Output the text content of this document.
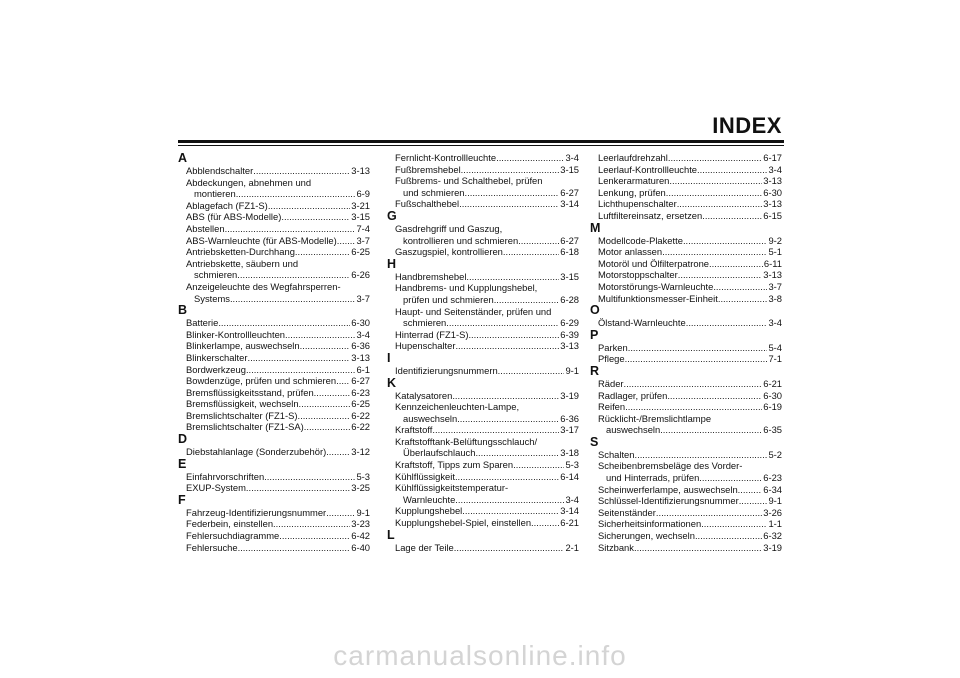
INDEX
A
Abblendschalter .....	3-13
Abdeckungen, abnehmen und
montieren .....	6-9
Ablagefach (FZ1-S) .....	3-21
ABS (für ABS-Modelle) .....	3-15
Abstellen .....	7-4
ABS-Warnleuchte (für ABS-Modelle) ..... 3-7
Antriebsketten-Durchhang .....	6-25
Antriebskette, säubern und
schmieren .....	6-26
Anzeigeleuchte des Wegfahrsperren-
Systems .....	3-7
B
Batterie .....	6-30
Blinker-Kontrollleuchten .....	3-4
Blinkerlampe, auswechseln .....	6-36
Blinkerschalter .....	3-13
Bordwerkzeug .....	6-1
Bowdenzüge, prüfen und schmieren ..... 6-27
Bremsflüssigkeitsstand, prüfen .....	6-23
Bremsflüssigkeit, wechseln .....	6-25
Bremslichtschalter (FZ1-S) .....	6-22
Bremslichtschalter (FZ1-SA) .....	6-22
D
Diebstahlanlage (Sonderzubehör) .....	3-12
E
Einfahrvorschriften .....	5-3
EXUP-System .....	3-25
F
Fahrzeug-Identifizierungsnummer .....	9-1
Federbein, einstellen .....	3-23
Fehlersuchdiagramme .....	6-42
Fehlersuche .....	6-40
Fernlicht-Kontrollleuchte .....	3-4
Fußbremshebel .....	3-15
Fußbrems- und Schalthebel, prüfen
und schmieren .....	6-27
Fußschalthebel .....	3-14
G
Gasdrehgriff und Gaszug,
kontrollieren und schmieren .....	6-27
Gaszugspiel, kontrollieren .....	6-18
H
Handbremshebel .....	3-15
Handbrems- und Kupplungshebel,
prüfen und schmieren .....	6-28
Haupt- und Seitenständer, prüfen und
schmieren .....	6-29
Hinterrad (FZ1-S) .....	6-39
Hupenschalter .....	3-13
I
Identifizierungsnummern .....	9-1
K
Katalysatoren .....	3-19
Kennzeichenleuchten-Lampe,
auswechseln .....	6-36
Kraftstoff .....	3-17
Kraftstofftank-Belüftungsschlauch/
Überlaufschlauch .....	3-18
Kraftstoff, Tipps zum Sparen .....	5-3
Kühlflüssigkeit .....	6-14
Kühlflüssigkeitstemperatur-
Warnleuchte .....	3-4
Kupplungshebel .....	3-14
Kupplungshebel-Spiel, einstellen .....	6-21
L
Lage der Teile .....	2-1
Leerlaufdrehzahl .....	6-17
Leerlauf-Kontrollleuchte .....	3-4
Lenkerarmaturen .....	3-13
Lenkung, prüfen .....	6-30
Lichthupenschalter .....	3-13
Luftfiltereinsatz, ersetzen .....	6-15
M
Modellcode-Plakette .....	9-2
Motor anlassen .....	5-1
Motoröl und Ölfilterpatrone .....	6-11
Motorstoppschalter .....	3-13
Motorstörungs-Warnleuchte .....	3-7
Multifunktionsmesser-Einheit .....	3-8
O
Ölstand-Warnleuchte .....	3-4
P
Parken .....	5-4
Pflege .....	7-1
R
Räder .....	6-21
Radlager, prüfen .....	6-30
Reifen .....	6-19
Rücklicht-/Bremslichtlampe
auswechseln .....	6-35
S
Schalten .....	5-2
Scheibenbremsbeläge des Vorder-
und Hinterrads, prüfen .....	6-23
Scheinwerferlampe, auswechseln .....	6-34
Schlüssel-Identifizierungsnummer .....	9-1
Seitenständer .....	3-26
Sicherheitsinformationen .....	1-1
Sicherungen, wechseln .....	6-32
Sitzbank .....	3-19
carmanualsonline.info
